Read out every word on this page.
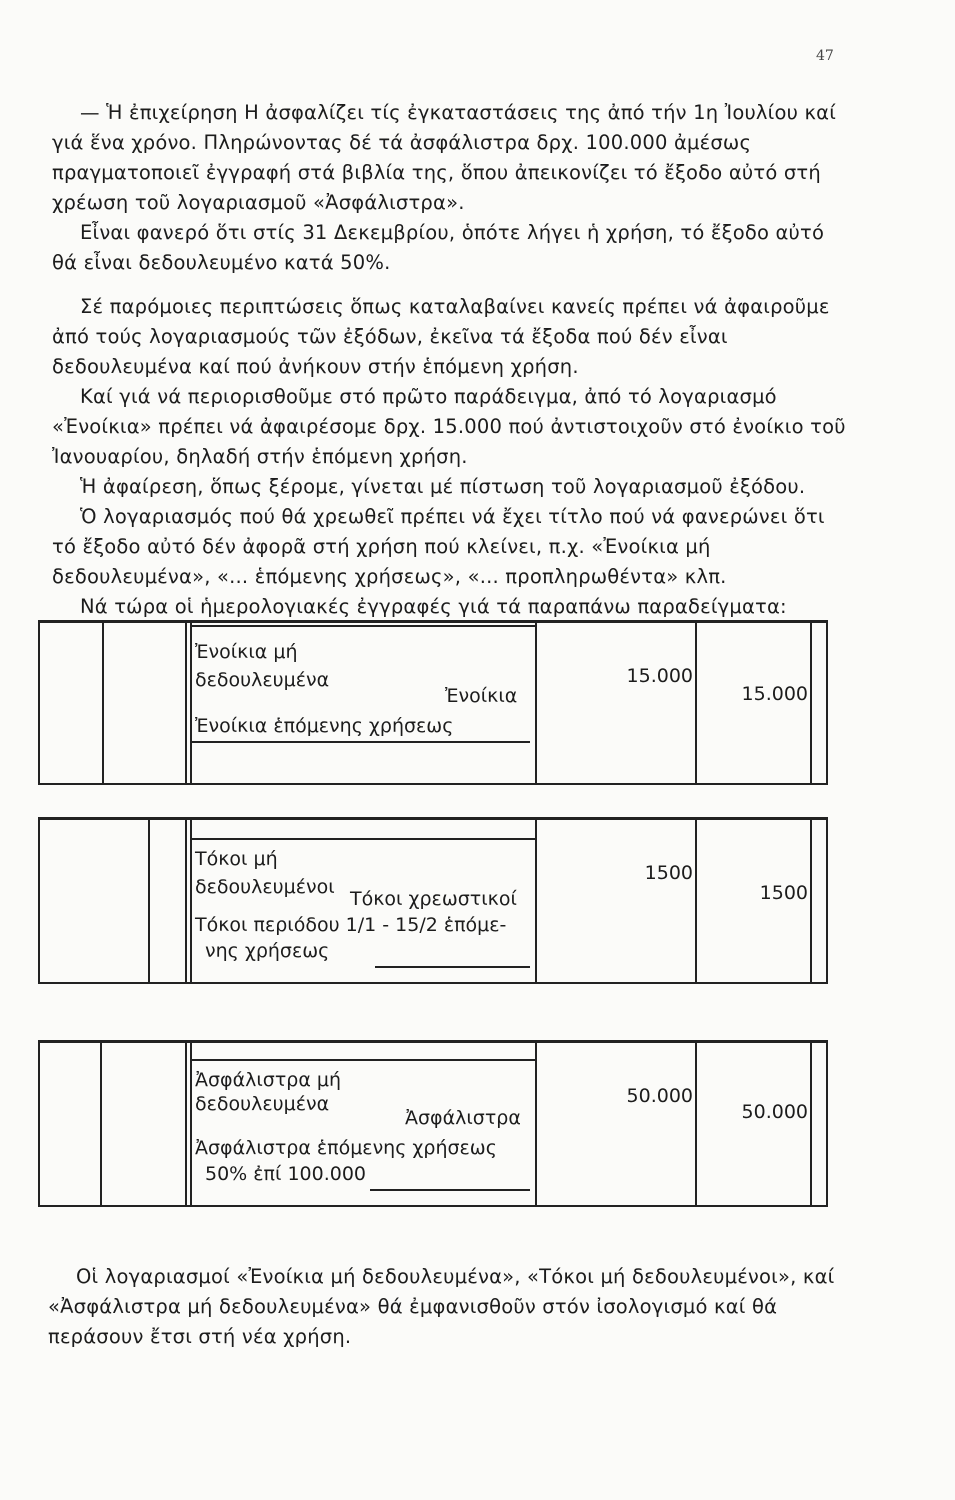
47

— Ἡ ἐπιχείρηση Η ἀσφαλίζει τίς ἐγκαταστάσεις της ἀπό τήν 1η Ἰουλίου καί γιά ἕνα χρόνο. Πληρώνοντας δέ τά ἀσφάλιστρα δρχ. 100.000 ἀμέσως πραγματοποιεῖ ἐγγραφή στά βιβλία της, ὅπου ἀπεικονίζει τό ἔξοδο αὐτό στή χρέωση τοῦ λογαριασμοῦ «Ἀσφάλιστρα».

Εἶναι φανερό ὅτι στίς 31 Δεκεμβρίου, ὁπότε λήγει ἡ χρήση, τό ἔξοδο αὐτό θά εἶναι δεδουλευμένο κατά 50%.

Σέ παρόμοιες περιπτώσεις ὅπως καταλαβαίνει κανείς πρέπει νά ἀφαιροῦμε ἀπό τούς λογαριασμούς τῶν ἐξόδων, ἐκεῖνα τά ἔξοδα πού δέν εἶναι δεδουλευμένα καί πού ἀνήκουν στήν ἑπόμενη χρήση.

Καί γιά νά περιορισθοῦμε στό πρῶτο παράδειγμα, ἀπό τό λογαριασμό «Ἐνοίκια» πρέπει νά ἀφαιρέσομε δρχ. 15.000 πού ἀντιστοιχοῦν στό ἐνοίκιο τοῦ Ἰανουαρίου, δηλαδή στήν ἑπόμενη χρήση.

Ἡ ἀφαίρεση, ὅπως ξέρομε, γίνεται μέ πίστωση τοῦ λογαριασμοῦ ἐξόδου.

Ὁ λογαριασμός πού θά χρεωθεῖ πρέπει νά ἔχει τίτλο πού νά φανερώνει ὅτι τό ἔξοδο αὐτό δέν ἀφορᾶ στή χρήση πού κλείνει, π.χ. «Ἐνοίκια μή δεδουλευμένα», «... ἑπόμενης χρήσεως», «... προπληρωθέντα» κλπ.

Νά τώρα οἱ ἡμερολογιακές ἐγγραφές γιά τά παραπάνω παραδείγματα:

Ἐνοίκια μή
δεδουλευμένα
Ἐνοίκια
Ἐνοίκια ἑπόμενης χρήσεως
15.000
15.000
Τόκοι μή
δεδουλευμένοι
Τόκοι χρεωστικοί
Τόκοι περιόδου 1/1 - 15/2 ἑπόμε-
νης χρήσεως
1500
1500
Ἀσφάλιστρα μή
δεδουλευμένα
Ἀσφάλιστρα
Ἀσφάλιστρα ἑπόμενης χρήσεως
50% ἐπί 100.000
50.000
50.000

Οἱ λογαριασμοί «Ἐνοίκια μή δεδουλευμένα», «Τόκοι μή δεδουλευμένοι», καί «Ἀσφάλιστρα μή δεδουλευμένα» θά ἐμφανισθοῦν στόν ἰσολογισμό καί θά περάσουν ἔτσι στή νέα χρήση.
